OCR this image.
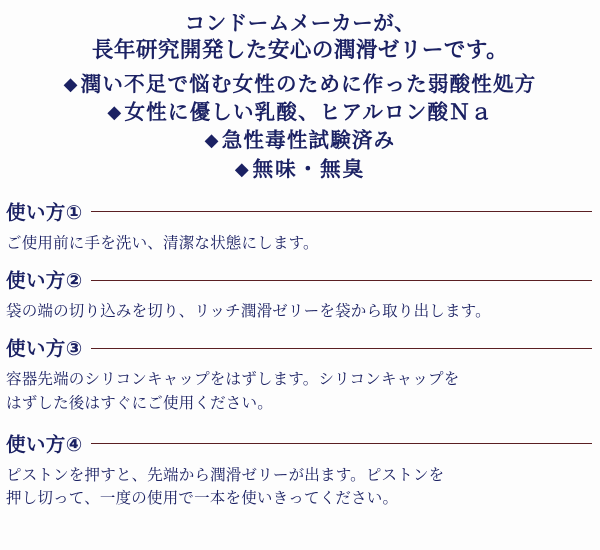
コンドームメーカーが、
長年研究開発した安心の潤滑ゼリーです。
◆潤い不足で悩む女性のために作った弱酸性処方
◆女性に優しい乳酸、ヒアルロン酸Ｎａ
◆急性毒性試験済み
◆無味・無臭
使い方①
ご使用前に手を洗い、清潔な状態にします。
使い方②
袋の端の切り込みを切り、リッチ潤滑ゼリーを袋から取り出します。
使い方③
容器先端のシリコンキャップをはずします。シリコンキャップを
はずした後はすぐにご使用ください。
使い方④
ピストンを押すと、先端から潤滑ゼリーが出ます。ピストンを
押し切って、一度の使用で一本を使いきってください。
